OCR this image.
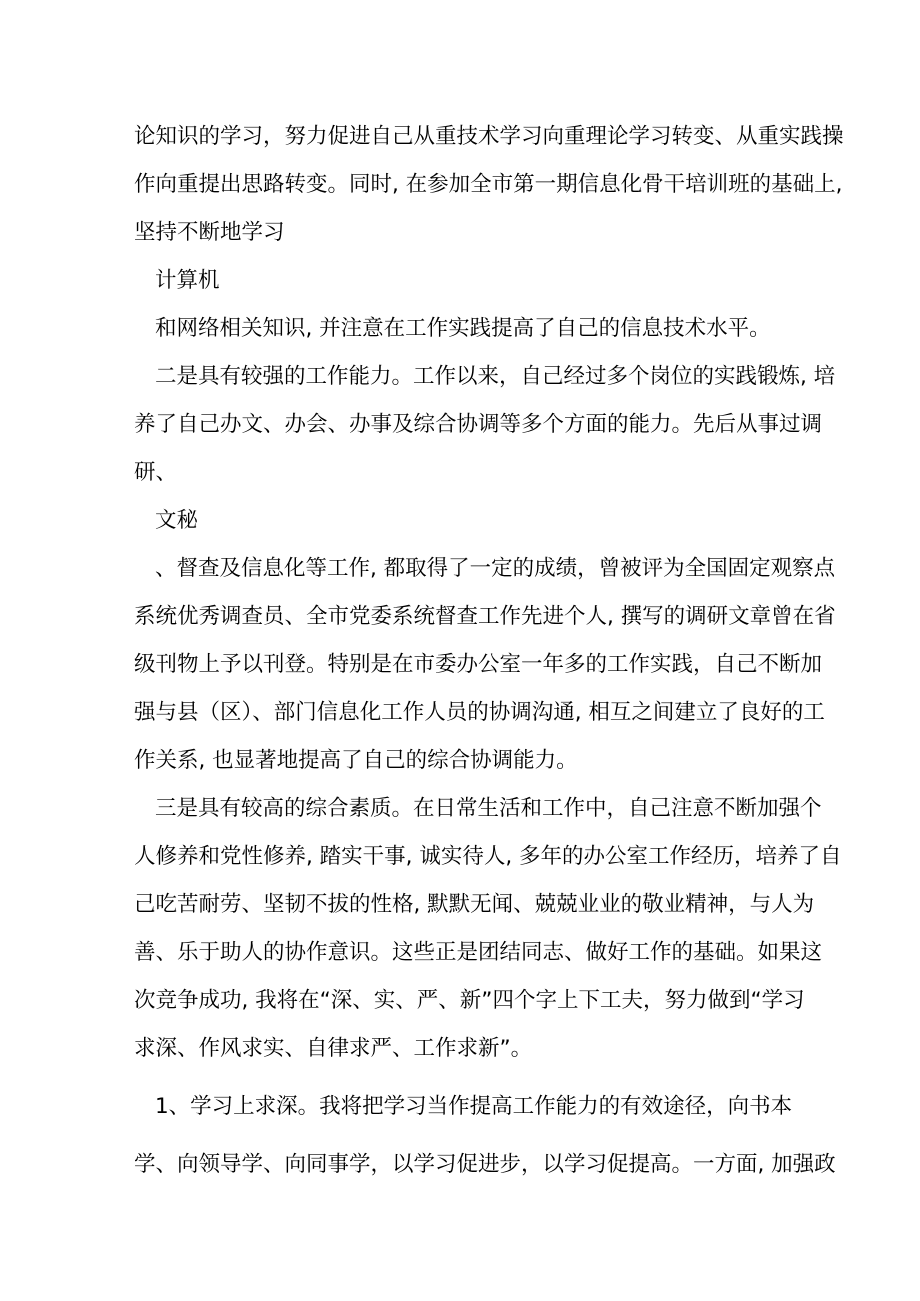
论知识的学习，努力促进自己从重技术学习向重理论学习转变、从重实践操

作向重提出思路转变。同时, 在参加全市第一期信息化骨干培训班的基础上,

坚持不断地学习

计算机

和网络相关知识, 并注意在工作实践提高了自己的信息技术水平。

二是具有较强的工作能力。工作以来，自己经过多个岗位的实践锻炼, 培

养了自己办文、办会、办事及综合协调等多个方面的能力。先后从事过调

研、

文秘

、督查及信息化等工作, 都取得了一定的成绩，曾被评为全国固定观察点

系统优秀调查员、全市党委系统督查工作先进个人, 撰写的调研文章曾在省

级刊物上予以刊登。特别是在市委办公室一年多的工作实践，自己不断加

强与县（区）、部门信息化工作人员的协调沟通, 相互之间建立了良好的工

作关系, 也显著地提高了自己的综合协调能力。

三是具有较高的综合素质。在日常生活和工作中，自己注意不断加强个

人修养和党性修养, 踏实干事, 诚实待人, 多年的办公室工作经历，培养了自

己吃苦耐劳、坚韧不拔的性格, 默默无闻、兢兢业业的敬业精神，与人为

善、乐于助人的协作意识。这些正是团结同志、做好工作的基础。如果这

次竞争成功, 我将在“深、实、严、新”四个字上下工夫，努力做到“学习

求深、作风求实、自律求严、工作求新”。

1、学习上求深。我将把学习当作提高工作能力的有效途径，向书本

学、向领导学、向同事学，以学习促进步，以学习促提高。一方面, 加强政
